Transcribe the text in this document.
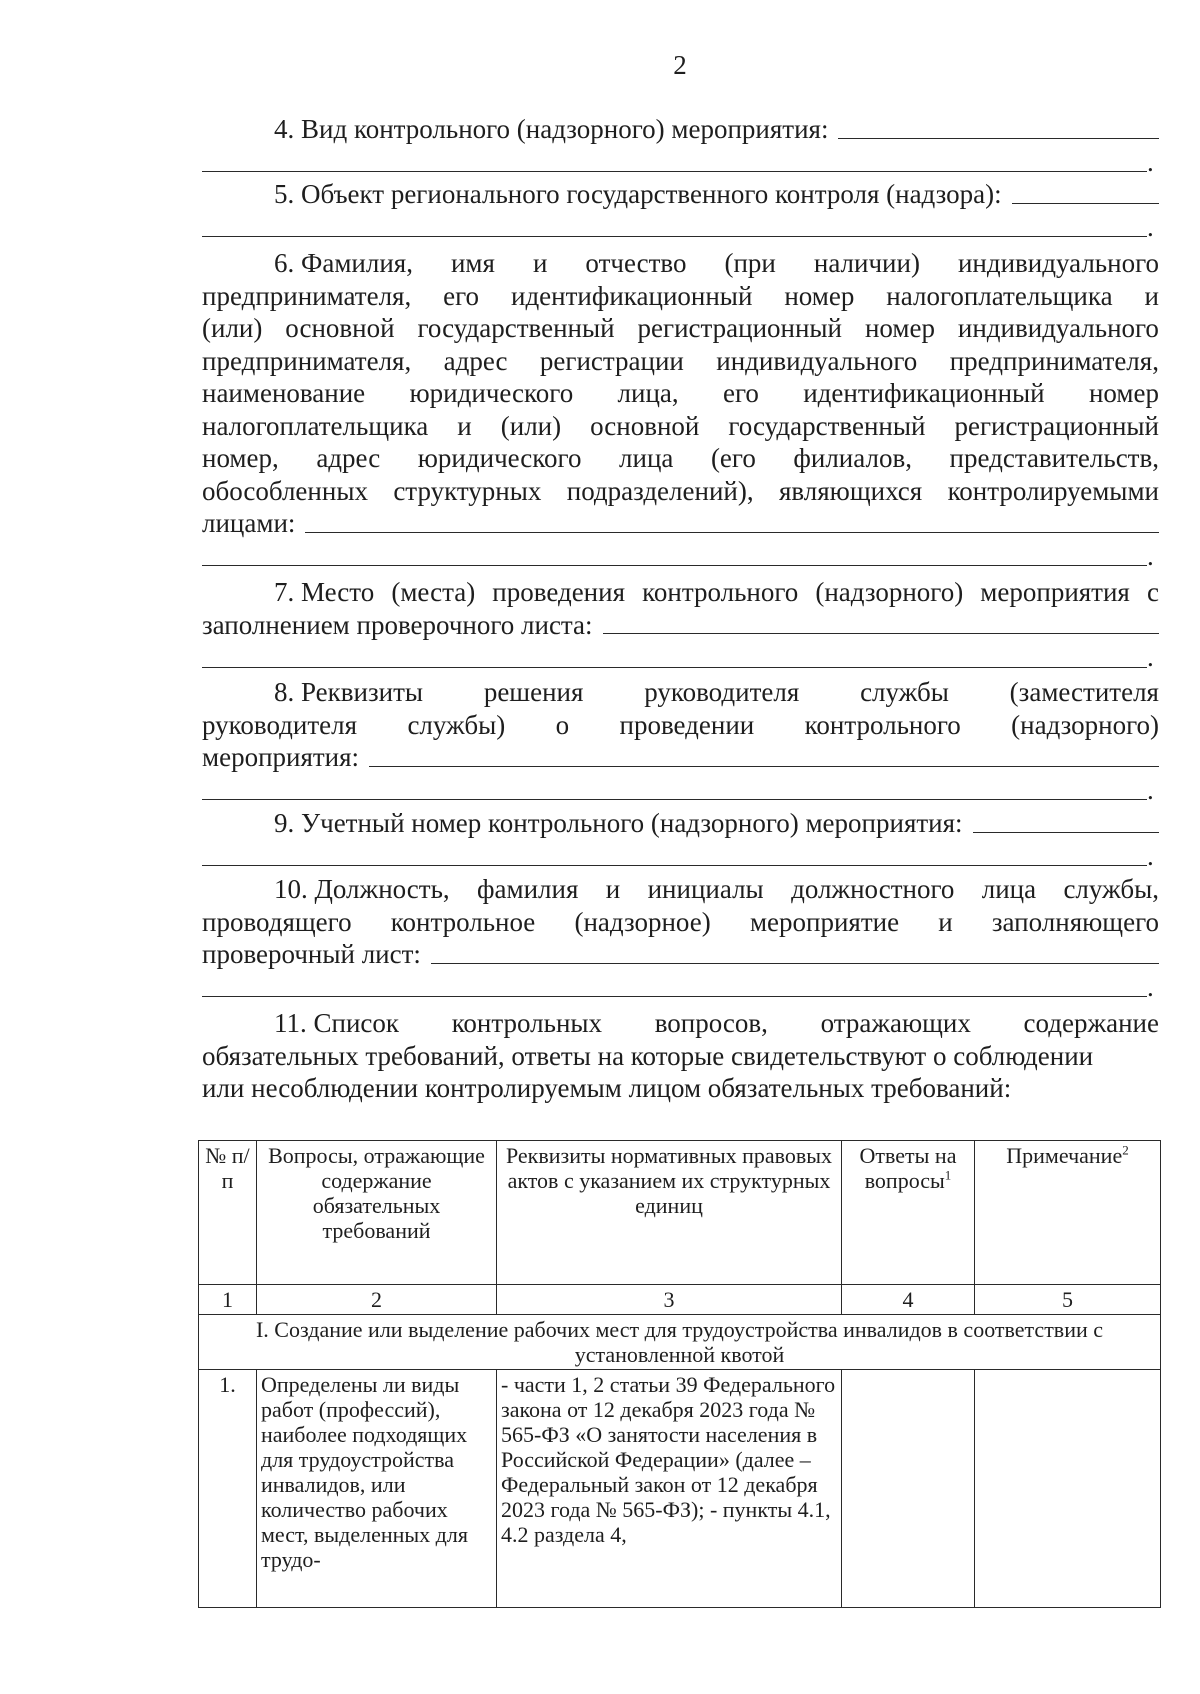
2
4. Вид контрольного (надзорного) мероприятия:
.
5. Объект регионального государственного контроля (надзора):
.
6. Фамилия, имя и отчество (при наличии) индивидуального
предпринимателя, его идентификационный номер налогоплательщика и
(или) основной государственный регистрационный номер индивидуального
предпринимателя, адрес регистрации индивидуального предпринимателя,
наименование юридического лица, его идентификационный номер
налогоплательщика и (или) основной государственный регистрационный
номер, адрес юридического лица (его филиалов, представительств,
обособленных структурных подразделений), являющихся контролируемыми
лицами:
.
7. Место (места) проведения контрольного (надзорного) мероприятия с
заполнением проверочного листа:
.
8. Реквизиты решения руководителя службы (заместителя
руководителя службы) о проведении контрольного (надзорного)
мероприятия:
.
9. Учетный номер контрольного (надзорного) мероприятия:
.
10. Должность, фамилия и инициалы должностного лица службы,
проводящего контрольное (надзорное) мероприятие и заполняющего
проверочный лист:
.
11. Список контрольных вопросов, отражающих содержание
обязательных требований, ответы на которые свидетельствуют о соблюдении
или несоблюдении контролируемым лицом обязательных требований:
№ п/п	Вопросы, отражающие содержание обязательных требований	Реквизиты нормативных правовых актов с указанием их структурных единиц	Ответы на вопросы$^1$	Примечание$^2$
1	2	3	4	5
I. Создание или выделение рабочих мест для трудоустройства инвалидов в соответствии с установленной квотой				
1.	Определены ли виды работ (профессий), наиболее подходящих для трудоустройства инвалидов, или количество рабочих мест, выделенных для трудо-	- части 1, 2 статьи 39 Федерального закона от 12 декабря 2023 года № 565-ФЗ «О занятости населения в Российской Федерации» (далее – Федеральный закон от 12 декабря 2023 года № 565-ФЗ); - пункты 4.1, 4.2 раздела 4,		
